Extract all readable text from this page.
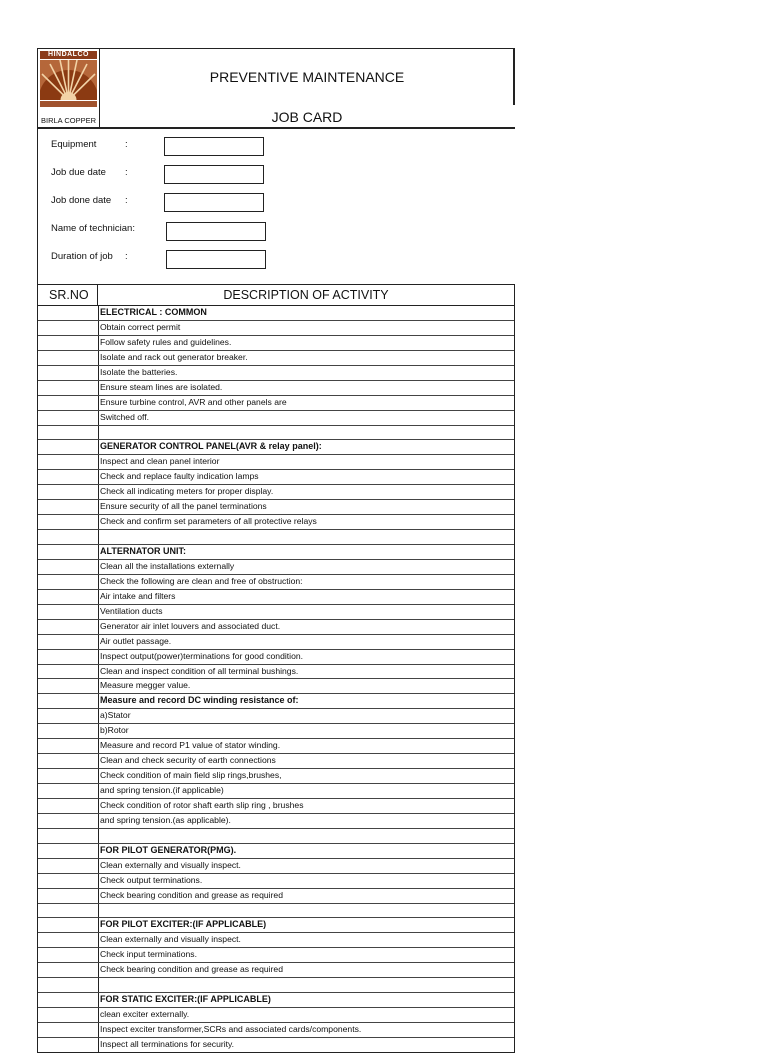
HINDALCO
BIRLA COPPER
PREVENTIVE MAINTENANCE
JOB CARD
Equipment	:
Job due date :
Job done date :
Name of technician:
Duration of job :
SR.NO	DESCRIPTION OF ACTIVITY
ELECTRICAL : COMMON
Obtain correct permit
Follow safety rules and guidelines.
Isolate and rack out generator breaker.
Isolate the batteries.
Ensure steam lines are isolated.
Ensure turbine control, AVR and other panels are
Switched off.
GENERATOR CONTROL PANEL(AVR & relay panel):
Inspect and clean panel interior
Check and replace faulty indication lamps
Check all indicating meters for proper display.
Ensure security of all the panel terminations
Check and confirm set parameters of all protective relays
ALTERNATOR UNIT:
Clean all the installations externally
Check the following are clean and free of obstruction:
Air intake and filters
Ventilation ducts
Generator air inlet louvers and associated duct.
Air outlet passage.
Inspect output(power)terminations for good condition.
Clean and inspect condition of all terminal bushings.
Measure megger value.
Measure and record DC winding resistance of:
a)Stator
b)Rotor
Measure and record P1 value of stator winding.
Clean and check security of earth connections
Check condition of main field slip rings,brushes,
and spring tension.(if applicable)
Check condition of rotor shaft earth slip ring , brushes
and spring tension.(as applicable).
FOR PILOT GENERATOR(PMG).
Clean externally and visually inspect.
Check output terminations.
Check bearing condition and grease as required
FOR PILOT EXCITER:(IF APPLICABLE)
Clean externally and visually inspect.
Check input terminations.
Check bearing condition and grease as required
FOR STATIC EXCITER:(IF APPLICABLE)
clean exciter externally.
Inspect exciter transformer,SCRs and associated cards/components.
Inspect all terminations for security.
